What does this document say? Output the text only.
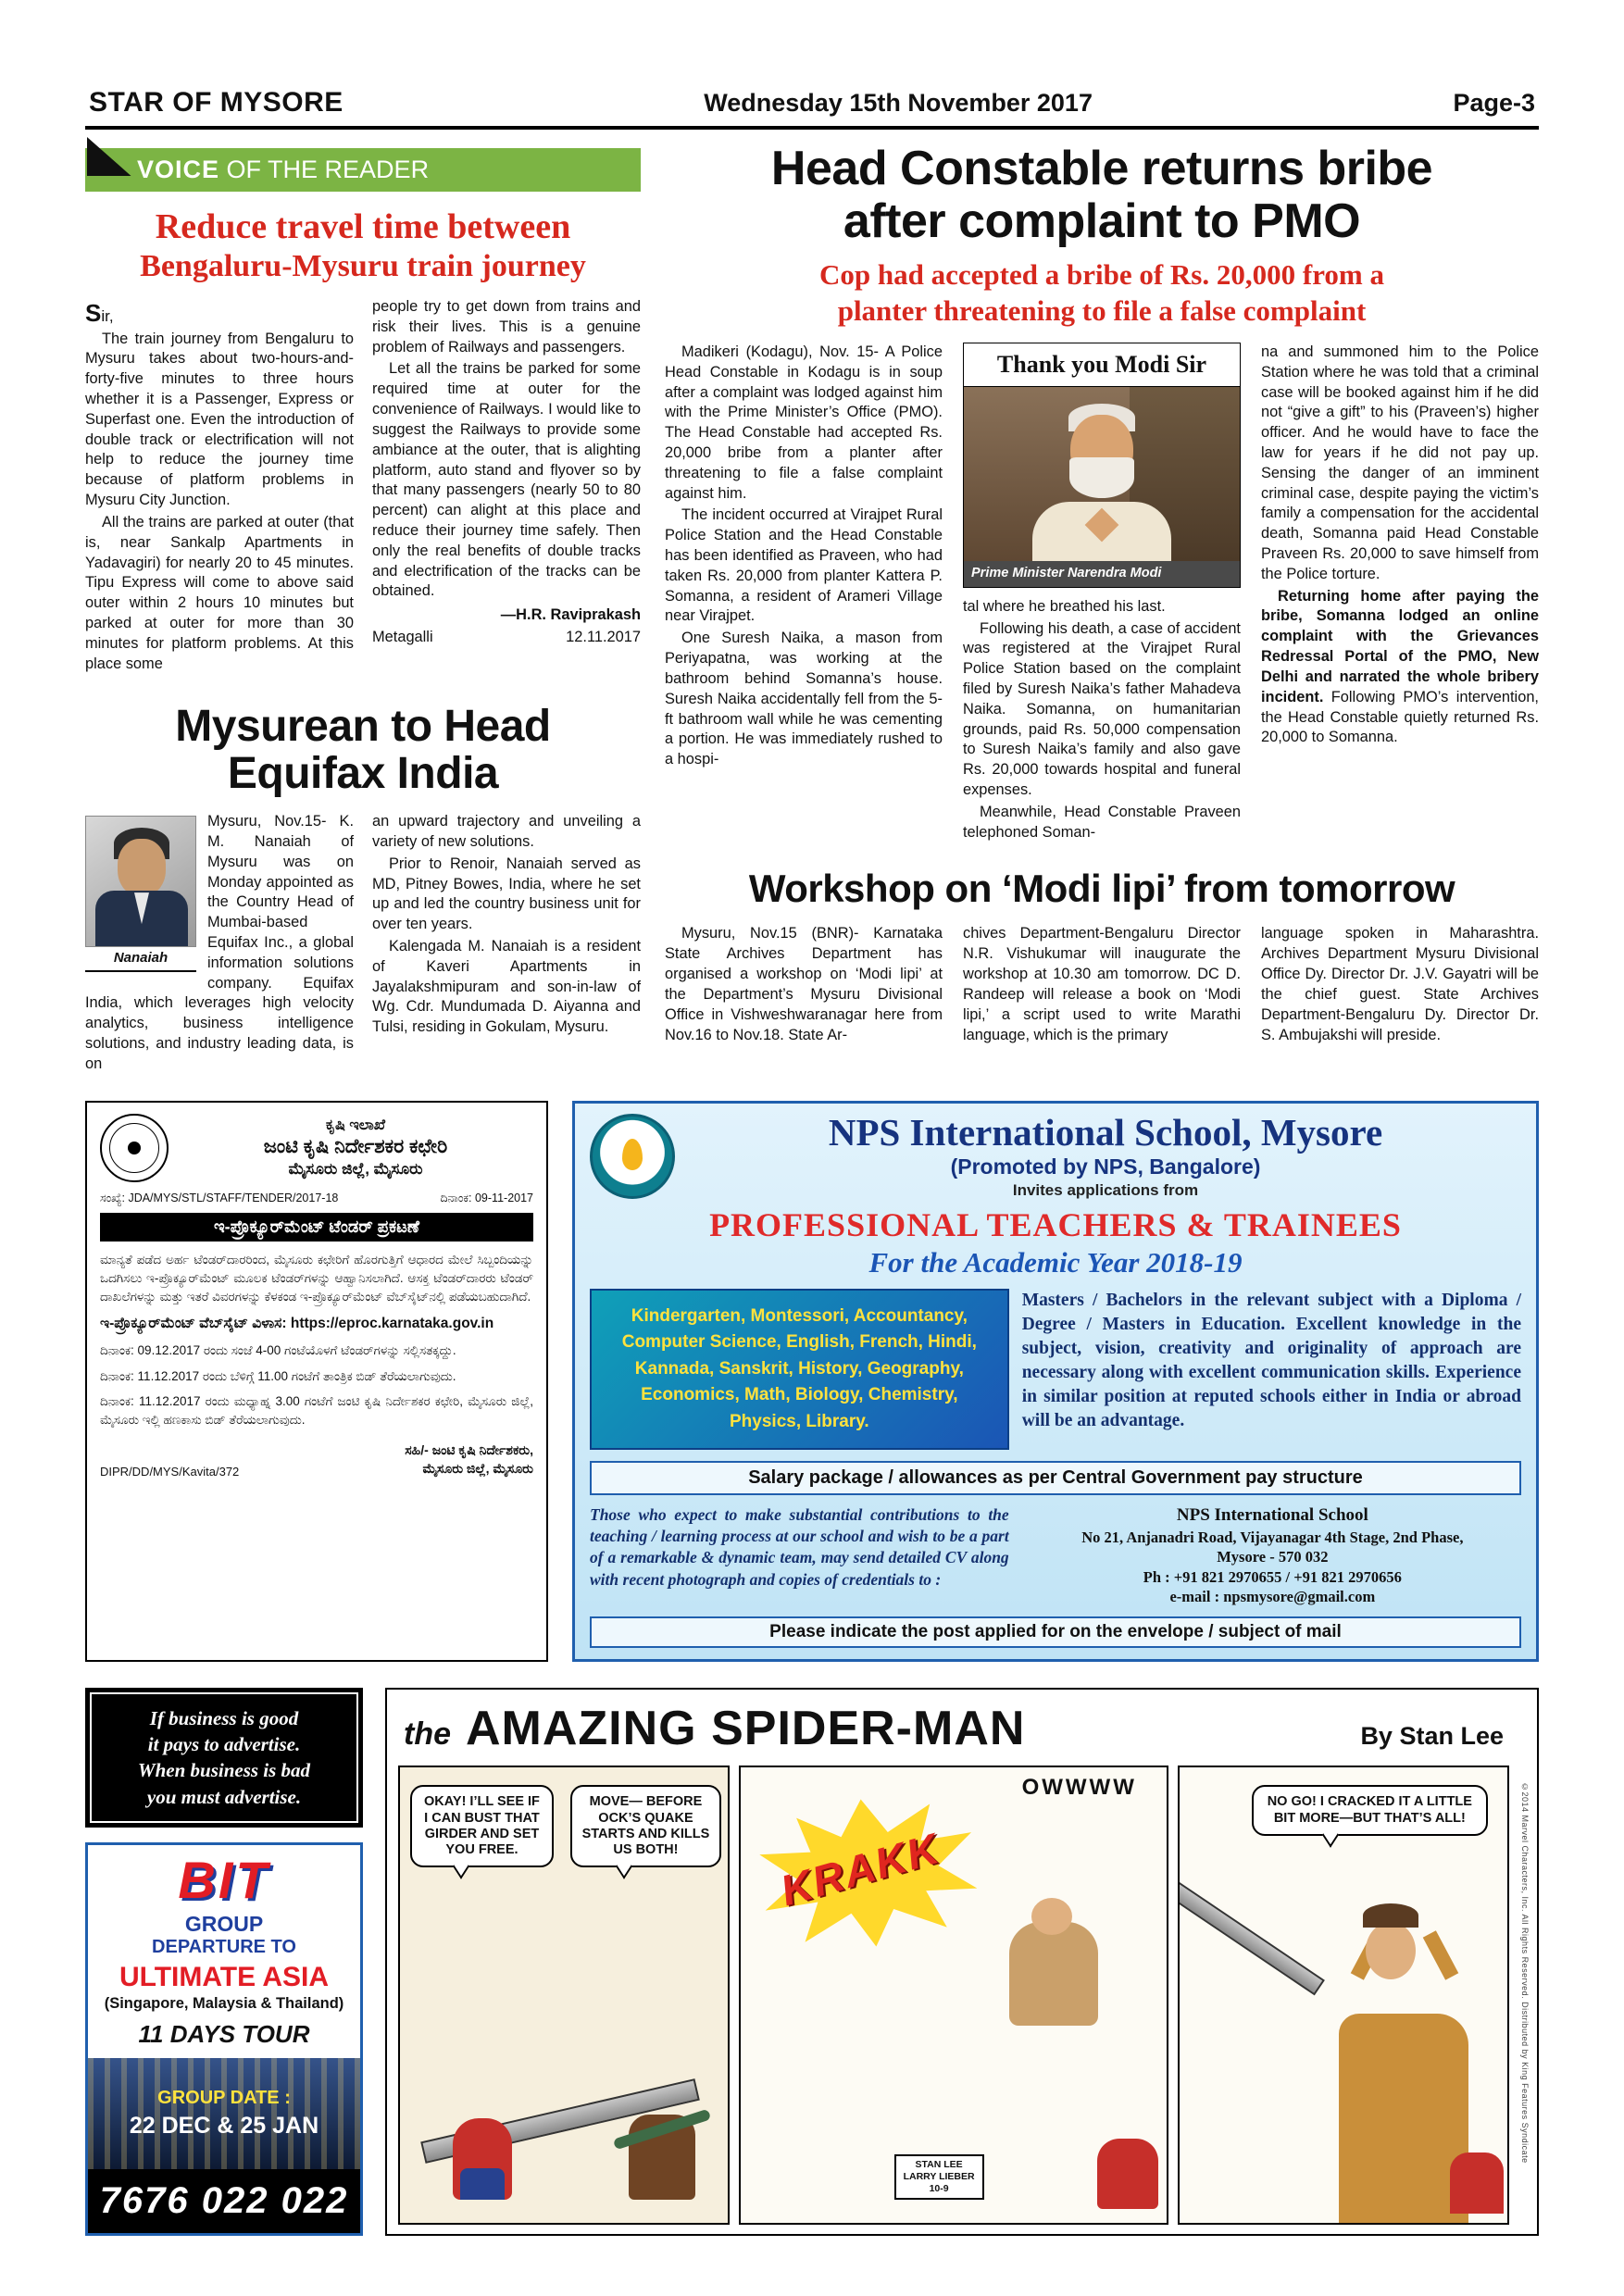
STAR OF MYSORE	Wednesday 15th November 2017	Page-3
VOICE OF THE READER
Reduce travel time between
Bengaluru-Mysuru train journey
Sir,

The train journey from Bengaluru to Mysuru takes about two-hours-and-forty-five minutes to three hours whether it is a Passenger, Express or Superfast one. Even the introduction of double track or electrification will not help to reduce the journey time because of platform problems in Mysuru City Junction.

All the trains are parked at outer (that is, near Sankalp Apartments in Yadavagiri) for nearly 20 to 45 minutes. Tipu Express will come to above said outer within 2 hours 10 minutes but parked at outer for more than 30 minutes for platform problems. At this place some

people try to get down from trains and risk their lives. This is a genuine problem of Railways and passengers.

Let all the trains be parked for some required time at outer for the convenience of Railways. I would like to suggest the Railways to provide some ambiance at the outer, that is alighting platform, auto stand and flyover so by that many passengers (nearly 50 to 80 percent) can alight at this place and reduce their journey time safely. Then only the real benefits of double tracks and electrification of the tracks can be obtained.

—H.R. Raviprakash
Metagalli	12.11.2017
Mysurean to Head
Equifax India
Nanaiah

Mysuru, Nov.15- K. M. Nanaiah of Mysuru was on Monday appointed as the Country Head of Mumbai-based Equifax Inc., a global information solutions company. Equifax India, which leverages high velocity analytics, business intelligence solutions, and industry leading data, is on

an upward trajectory and unveiling a variety of new solutions.

Prior to Renoir, Nanaiah served as MD, Pitney Bowes, India, where he set up and led the country business unit for over ten years.

Kalengada M. Nanaiah is a resident of Kaveri Apartments in Jayalakshmipuram and son-in-law of Wg. Cdr. Mundumada D. Aiyanna and Tulsi, residing in Gokulam, Mysuru.

Head Constable returns bribe
after complaint to PMO
Cop had accepted a bribe of Rs. 20,000 from a
planter threatening to file a false complaint

Madikeri (Kodagu), Nov. 15- A Police Head Constable in Kodagu is in soup after a complaint was lodged against him with the Prime Minister’s Office (PMO). The Head Constable had accepted Rs. 20,000 bribe from a planter after threatening to file a false complaint against him.

The incident occurred at Virajpet Rural Police Station and the Head Constable has been identified as Praveen, who had taken Rs. 20,000 from planter Kattera P. Somanna, a resident of Arameri Village near Virajpet.

One Suresh Naika, a mason from Periyapatna, was working at the bathroom behind Somanna’s house. Suresh Naika accidentally fell from the 5-ft bathroom wall while he was cementing a portion. He was immediately rushed to a hospi-

Thank you Modi Sir
Prime Minister Narendra Modi

tal where he breathed his last.

Following his death, a case of accident was registered at the Virajpet Rural Police Station based on the complaint filed by Suresh Naika’s father Mahadeva Naika. Somanna, on humanitarian grounds, paid Rs. 50,000 compensation to Suresh Naika’s family and also gave Rs. 20,000 towards hospital and funeral expenses.

Meanwhile, Head Constable Praveen telephoned Soman-

na and summoned him to the Police Station where he was told that a criminal case will be booked against him if he did not “give a gift” to his (Praveen’s) higher officer. And he would have to face the law for years if he did not pay up. Sensing the danger of an imminent criminal case, despite paying the victim’s family a compensation for the accidental death, Somanna paid Head Constable Praveen Rs. 20,000 to save himself from the Police torture.

Returning home after paying the bribe, Somanna lodged an online complaint with the Grievances Redressal Portal of the PMO, New Delhi and narrated the whole bribery incident. Following PMO’s intervention, the Head Constable quietly returned Rs. 20,000 to Somanna.

Workshop on ‘Modi lipi’ from tomorrow

Mysuru, Nov.15 (BNR)- Karnataka State Archives Department has organised a workshop on ‘Modi lipi’ at the Department’s Mysuru Divisional Office in Vishweshwaranagar here from Nov.16 to Nov.18. State Ar-

chives Department-Bengaluru Director N.R. Vishukumar will inaugurate the workshop at 10.30 am tomorrow. DC D. Randeep will release a book on ‘Modi lipi,’ a script used to write Marathi language, which is the primary

language spoken in Maharashtra. Archives Department Mysuru Divisional Office Dy. Director Dr. J.V. Gayatri will be the chief guest. State Archives Department-Bengaluru Dy. Director Dr. S. Ambujakshi will preside.

ಕೃಷಿ ಇಲಾಖೆ
ಜಂಟಿ ಕೃಷಿ ನಿರ್ದೇಶಕರ ಕಛೇರಿ
ಮೈಸೂರು ಜಿಲ್ಲೆ, ಮೈಸೂರು
ಸಂಖ್ಯೆ: JDA/MYS/STL/STAFF/TENDER/2017-18	ದಿನಾಂಕ: 09-11-2017
ಇ-ಪ್ರೊಕ್ಯೂರ್‌ಮೆಂಟ್ ಟೆಂಡರ್ ಪ್ರಕಟಣೆ

ಮಾನ್ಯತೆ ಪಡೆದ ಅರ್ಹ ಟೆಂಡರ್‌ದಾರರಿಂದ, ಮೈಸೂರು ಕಛೇರಿಗೆ ಹೊರಗುತ್ತಿಗೆ ಆಧಾರದ ಮೇಲೆ ಸಿಬ್ಬಂದಿಯನ್ನು ಒದಗಿಸಲು ಇ-ಪ್ರೊಕ್ಯೂರ್‌ಮೆಂಟ್ ಮೂಲಕ ಟೆಂಡರ್‌ಗಳನ್ನು ಆಹ್ವಾನಿಸಲಾಗಿದೆ. ಆಸಕ್ತ ಟೆಂಡರ್‌ದಾರರು ಟೆಂಡರ್ ದಾಖಲೆಗಳನ್ನು ಮತ್ತು ಇತರೆ ವಿವರಗಳನ್ನು ಕೆಳಕಂಡ ಇ-ಪ್ರೊಕ್ಯೂರ್‌ಮೆಂಟ್ ವೆಬ್‌ಸೈಟ್‌ನಲ್ಲಿ ಪಡೆಯಬಹುದಾಗಿದೆ.

ಇ-ಪ್ರೊಕ್ಯೂರ್‌ಮೆಂಟ್ ವೆಬ್‌ಸೈಟ್ ವಿಳಾಸ: https://eproc.karnataka.gov.in

ದಿನಾಂಕ: 09.12.2017 ರಂದು ಸಂಜೆ 4-00 ಗಂಟೆಯೊಳಗೆ ಟೆಂಡರ್‌ಗಳನ್ನು ಸಲ್ಲಿಸತಕ್ಕದ್ದು.

ದಿನಾಂಕ: 11.12.2017 ರಂದು ಬೆಳಿಗ್ಗೆ 11.00 ಗಂಟೆಗೆ ತಾಂತ್ರಿಕ ಬಿಡ್ ತೆರೆಯಲಾಗುವುದು.

ದಿನಾಂಕ: 11.12.2017 ರಂದು ಮಧ್ಯಾಹ್ನ 3.00 ಗಂಟೆಗೆ ಜಂಟಿ ಕೃಷಿ ನಿರ್ದೇಶಕರ ಕಛೇರಿ, ಮೈಸೂರು ಜಿಲ್ಲೆ, ಮೈಸೂರು ಇಲ್ಲಿ ಹಣಕಾಸು ಬಿಡ್ ತೆರೆಯಲಾಗುವುದು.

DIPR/DD/MYS/Kavita/372
ಸಹಿ/- ಜಂಟಿ ಕೃಷಿ ನಿರ್ದೇಶಕರು,
ಮೈಸೂರು ಜಿಲ್ಲೆ, ಮೈಸೂರು
NPS International School, Mysore
(Promoted by NPS, Bangalore)
Invites applications from
PROFESSIONAL TEACHERS & TRAINEES
For the Academic Year 2018-19
Kindergarten, Montessori, Accountancy, Computer Science, English, French, Hindi, Kannada, Sanskrit, History, Geography, Economics, Math, Biology, Chemistry, Physics, Library.
Masters / Bachelors in the relevant subject with a Diploma / Degree / Masters in Education. Excellent knowledge in the subject, vision, creativity and originality of approach are necessary along with excellent communication skills. Experience in similar position at reputed schools either in India or abroad will be an advantage.
Salary package / allowances as per Central Government pay structure
Those who expect to make substantial contributions to the teaching / learning process at our school and wish to be a part of a remarkable & dynamic team, may send detailed CV along with recent photograph and copies of credentials to :
NPS International School
No 21, Anjanadri Road, Vijayanagar 4th Stage, 2nd Phase,
Mysore - 570 032
Ph : +91 821 2970655 / +91 821 2970656
e-mail : npsmysore@gmail.com
Please indicate the post applied for on the envelope / subject of mail
If business is good
it pays to advertise.
When business is bad
you must advertise.
BIT
GROUP
DEPARTURE TO
ULTIMATE ASIA
(Singapore, Malaysia & Thailand)
11 DAYS TOUR
GROUP DATE :
22 DEC & 25 JAN
7676 022 022
the AMAZING SPIDER-MAN	By Stan Lee
OKAY! I’LL SEE IF I CAN BUST THAT GIRDER AND SET YOU FREE.
MOVE— BEFORE OCK’S QUAKE STARTS AND KILLS US BOTH!
OWWWW
KRAKK
STAN LEE
LARRY LIEBER
10-9
NO GO! I CRACKED IT A LITTLE BIT MORE—BUT THAT’S ALL!	©2014 Marvel Characters, Inc. All Rights Reserved. Distributed by King Features Syndicate
